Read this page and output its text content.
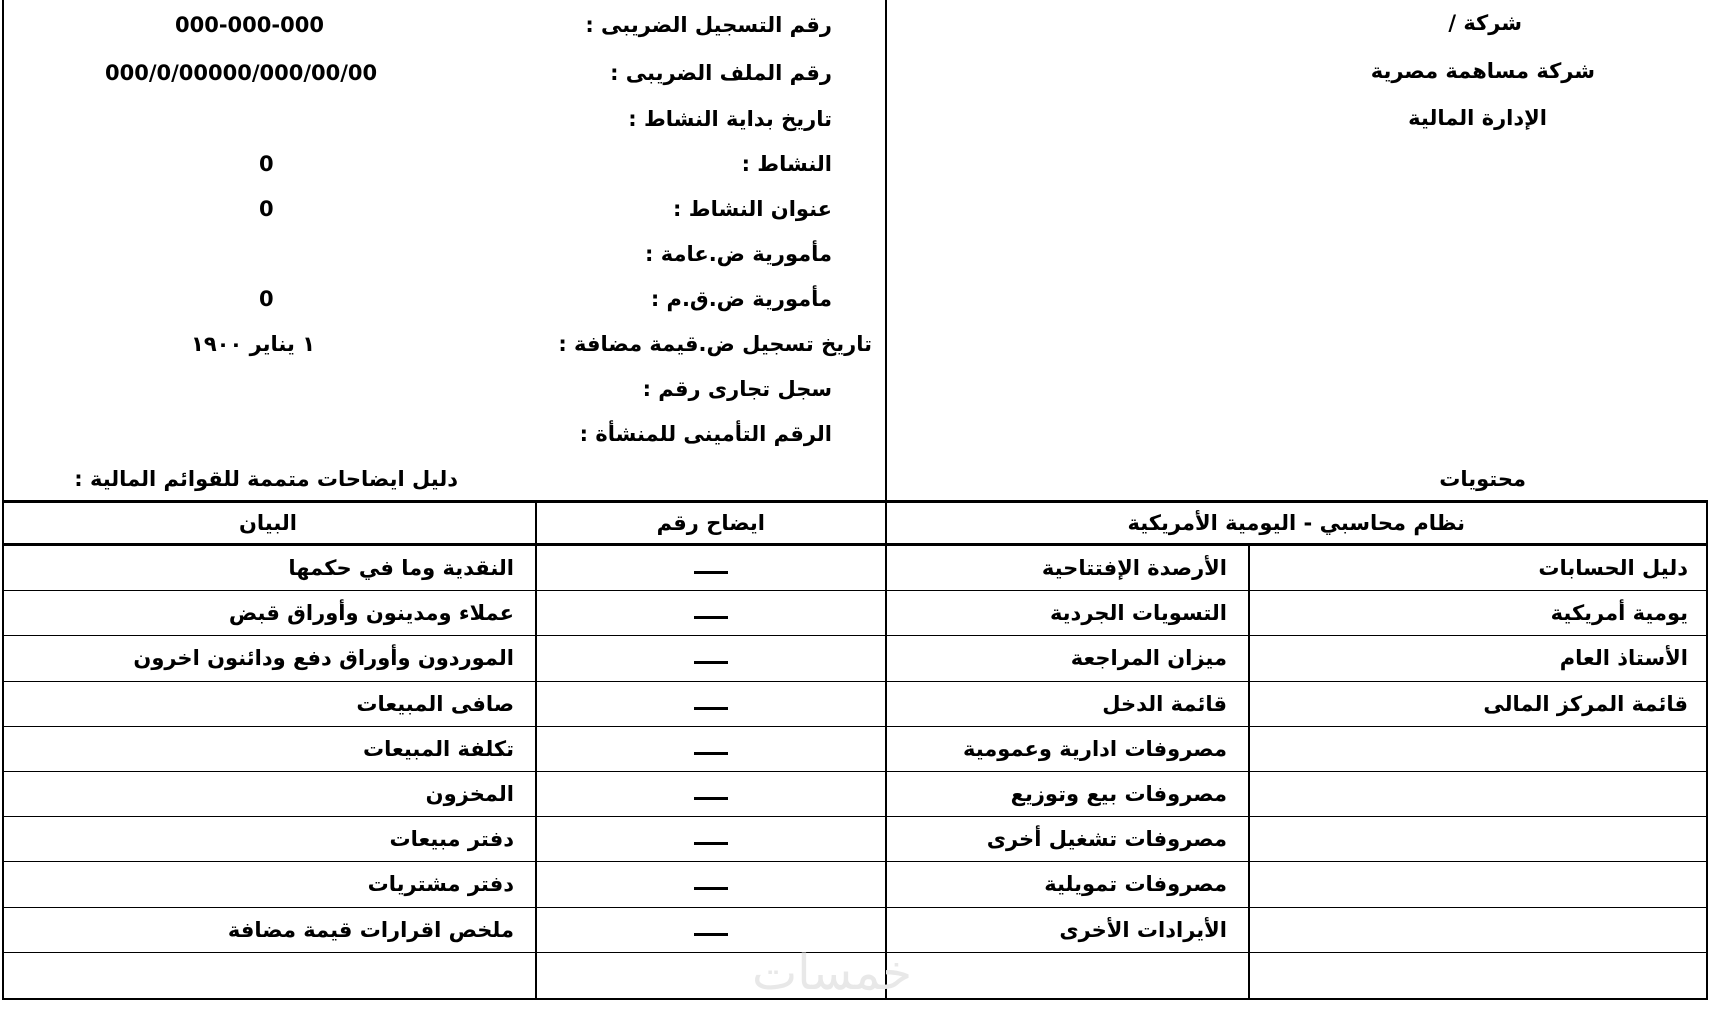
شركة /
شركة مساهمة مصرية
الإدارة المالية
محتويات
رقم التسجيل الضريبى :
000-000-000
رقم الملف الضريبى :
000/0/00000/000/00/00
تاريخ بداية النشاط :
النشاط :
0
عنوان النشاط :
0
مأمورية ض.عامة :
مأمورية ض.ق.م :
0
تاريخ تسجيل ض.قيمة مضافة :
١ يناير ١٩٠٠
سجل تجارى رقم :
الرقم التأمينى للمنشأة :
دليل ايضاحات متممة للقوائم المالية :
نظام محاسبي - اليومية الأمريكية
ايضاح رقم
البيان
دليل الحسابات
الأرصدة الإفتتاحية
النقدية وما في حكمها
يومية أمريكية
التسويات الجردية
عملاء ومدينون وأوراق قبض
الأستاذ العام
ميزان المراجعة
الموردون وأوراق دفع ودائنون اخرون
قائمة المركز المالى
قائمة الدخل
صافى المبيعات
مصروفات ادارية وعمومية
تكلفة المبيعات
مصروفات بيع وتوزيع
المخزون
مصروفات تشغيل أخرى
دفتر مبيعات
مصروفات تمويلية
دفتر مشتريات
الأيرادات الأخرى
ملخص اقرارات قيمة مضافة
خمسات
